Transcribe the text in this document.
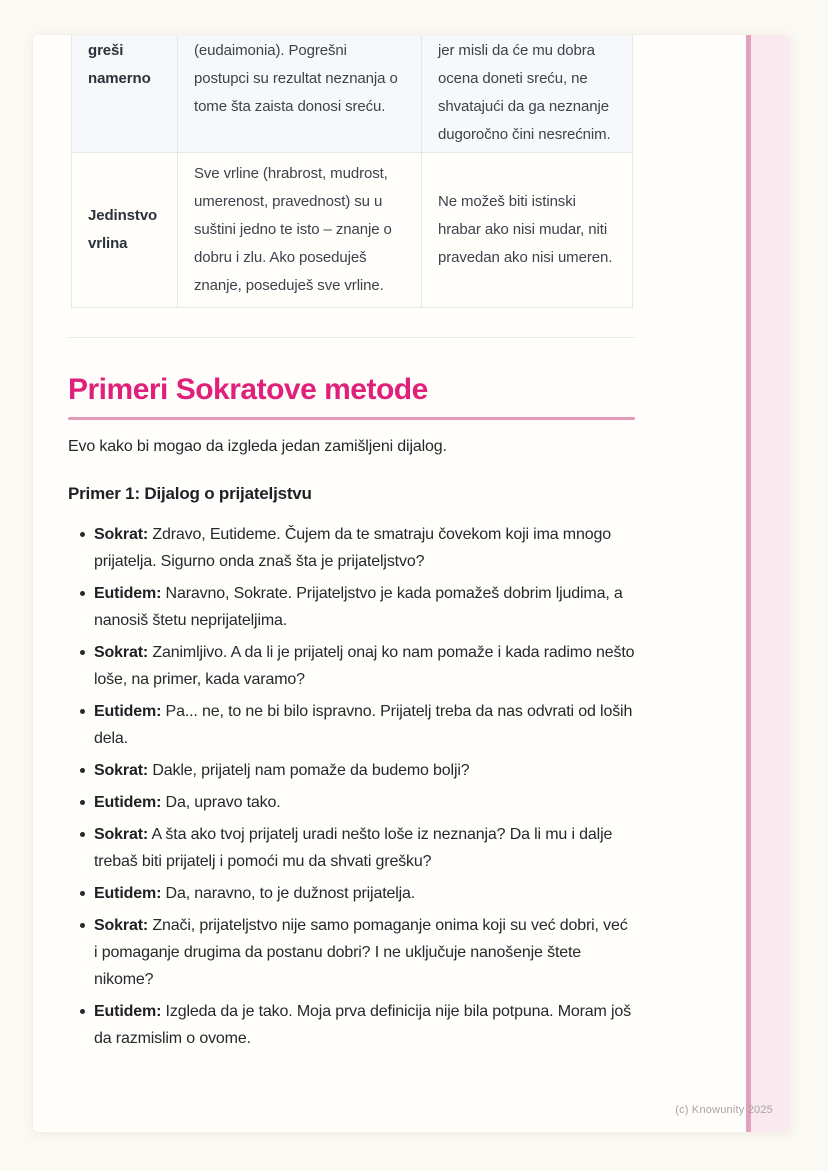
greši namerno	(eudaimonia). Pogrešni postupci su rezultat neznanja o tome šta zaista donosi sreću.	jer misli da će mu dobra ocena doneti sreću, ne shvatajući da ga neznanje dugoročno čini nesrećnim.
Jedinstvo vrlina	Sve vrline (hrabrost, mudrost, umerenost, pravednost) su u suštini jedno te isto – znanje o dobru i zlu. Ako poseduješ znanje, poseduješ sve vrline.	Ne možeš biti istinski hrabar ako nisi mudar, niti pravedan ako nisi umeren.
Primeri Sokratove metode

Evo kako bi mogao da izgleda jedan zamišljeni dijalog.

Primer 1: Dijalog o prijateljstvu

Sokrat: Zdravo, Eutideme. Čujem da te smatraju čovekom koji ima mnogo prijatelja. Sigurno onda znaš šta je prijateljstvo?
Eutidem: Naravno, Sokrate. Prijateljstvo je kada pomažeš dobrim ljudima, a nanosiš štetu neprijateljima.
Sokrat: Zanimljivo. A da li je prijatelj onaj ko nam pomaže i kada radimo nešto loše, na primer, kada varamo?
Eutidem: Pa... ne, to ne bi bilo ispravno. Prijatelj treba da nas odvrati od loših dela.
Sokrat: Dakle, prijatelj nam pomaže da budemo bolji?
Eutidem: Da, upravo tako.
Sokrat: A šta ako tvoj prijatelj uradi nešto loše iz neznanja? Da li mu i dalje trebaš biti prijatelj i pomoći mu da shvati grešku?
Eutidem: Da, naravno, to je dužnost prijatelja.
Sokrat: Znači, prijateljstvo nije samo pomaganje onima koji su već dobri, već i pomaganje drugima da postanu dobri? I ne uključuje nanošenje štete nikome?
Eutidem: Izgleda da je tako. Moja prva definicija nije bila potpuna. Moram još da razmislim o ovome.
(c) Knowunity 2025
